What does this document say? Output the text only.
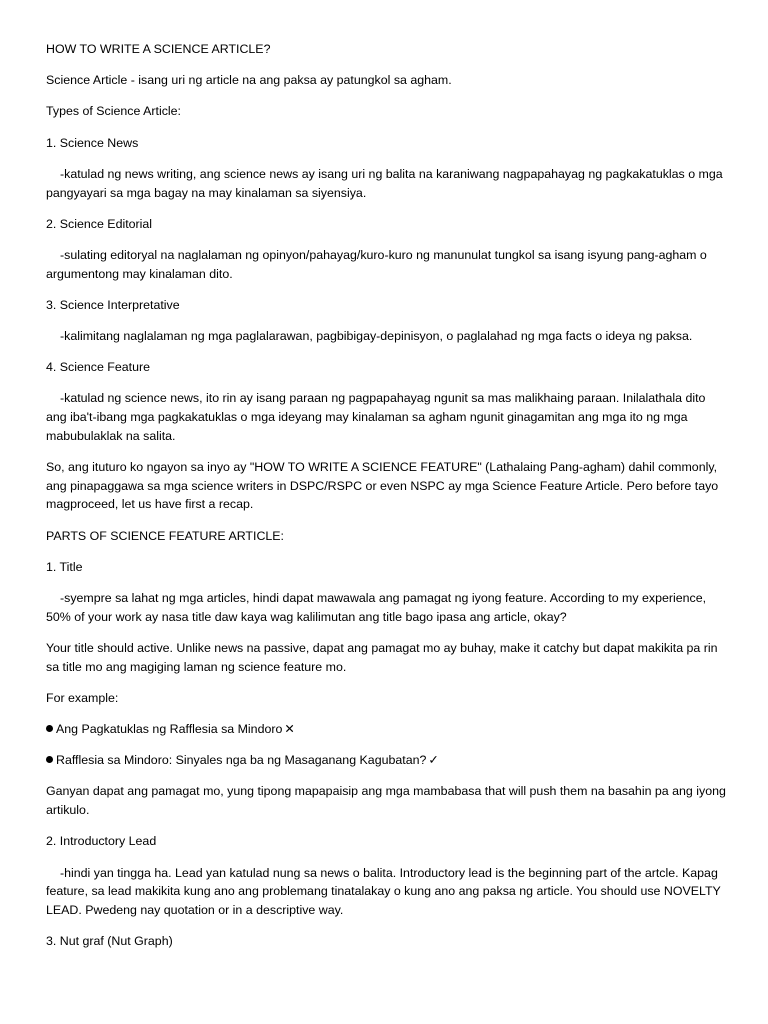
HOW TO WRITE A SCIENCE ARTICLE?

Science Article - isang uri ng article na ang paksa ay patungkol sa agham.

Types of Science Article:

1. Science News

-katulad ng news writing, ang science news ay isang uri ng balita na karaniwang nagpapahayag ng pagkakatuklas o mga pangyayari sa mga bagay na may kinalaman sa siyensiya.

2. Science Editorial

-sulating editoryal na naglalaman ng opinyon/pahayag/kuro-kuro ng manunulat tungkol sa isang isyung pang-agham o argumentong may kinalaman dito.

3. Science Interpretative

-kalimitang naglalaman ng mga paglalarawan, pagbibigay-depinisyon, o paglalahad ng mga facts o ideya ng paksa.

4. Science Feature

-katulad ng science news, ito rin ay isang paraan ng pagpapahayag ngunit sa mas malikhaing paraan. Inilalathala dito ang iba't-ibang mga pagkakatuklas o mga ideyang may kinalaman sa agham ngunit ginagamitan ang mga ito ng mga mabubulaklak na salita.

So, ang ituturo ko ngayon sa inyo ay "HOW TO WRITE A SCIENCE FEATURE" (Lathalaing Pang-agham) dahil commonly, ang pinapaggawa sa mga science writers in DSPC/RSPC or even NSPC ay mga Science Feature Article. Pero before tayo magproceed, let us have first a recap.

PARTS OF SCIENCE FEATURE ARTICLE:

1. Title

-syempre sa lahat ng mga articles, hindi dapat mawawala ang pamagat ng iyong feature. According to my experience, 50% of your work ay nasa title daw kaya wag kalilimutan ang title bago ipasa ang article, okay?

Your title should active. Unlike news na passive, dapat ang pamagat mo ay buhay, make it catchy but dapat makikita pa rin sa title mo ang magiging laman ng science feature mo.

For example:

Ang Pagkatuklas ng Rafflesia sa Mindoro ✕

Rafflesia sa Mindoro: Sinyales nga ba ng Masaganang Kagubatan? ✓

Ganyan dapat ang pamagat mo, yung tipong mapapaisip ang mga mambabasa that will push them na basahin pa ang iyong artikulo.

2. Introductory Lead

-hindi yan tingga ha. Lead yan katulad nung sa news o balita. Introductory lead is the beginning part of the artcle. Kapag feature, sa lead makikita kung ano ang problemang tinatalakay o kung ano ang paksa ng article. You should use NOVELTY LEAD. Pwedeng nay quotation or in a descriptive way.

3. Nut graf (Nut Graph)
